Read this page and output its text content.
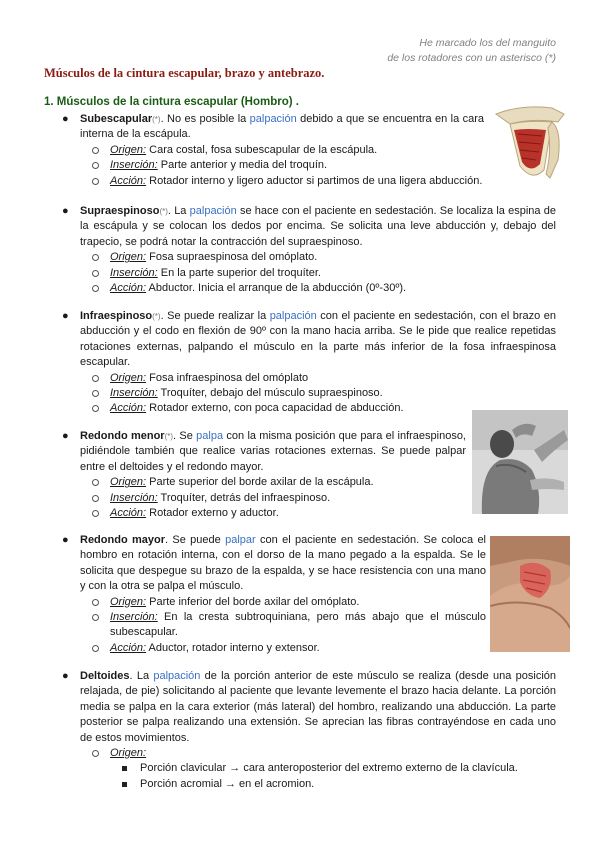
He marcado los del manguito
de los rotadores con un asterisco (*)
Músculos de la cintura escapular, brazo y antebrazo.
1. Músculos de la cintura escapular (Hombro) .
● Subescapular(*). No es posible la palpación debido a que se encuentra en la cara interna de la escápula.
Origen: Cara costal, fosa subescapular de la escápula.
Inserción: Parte anterior y media del troquín.
Acción: Rotador interno y ligero aductor si partimos de una ligera abducción.
● Supraespinoso(*). La palpación se hace con el paciente en sedestación. Se localiza la espina de la escápula y se colocan los dedos por encima. Se solicita una leve abducción y, debajo del trapecio, se podrá notar la contracción del supraespinoso.
Origen: Fosa supraespinosa del omóplato.
Inserción: En la parte superior del troquíter.
Acción: Abductor. Inicia el arranque de la abducción (0º-30º).
● Infraespinoso(*). Se puede realizar la palpación con el paciente en sedestación, con el brazo en abducción y el codo en flexión de 90º con la mano hacia arriba. Se le pide que realice repetidas rotaciones externas, palpando el músculo en la parte más inferior de la fosa infraespinosa escapular.
Origen: Fosa infraespinosa del omóplato
Inserción: Troquíter, debajo del músculo supraespinoso.
Acción: Rotador externo, con poca capacidad de abducción.
● Redondo menor(*). Se palpa con la misma posición que para el infraespinoso, pidiéndole también que realice varias rotaciones externas. Se puede palpar entre el deltoides y el redondo mayor.
Origen: Parte superior del borde axilar de la escápula.
Inserción: Troquíter, detrás del infraespinoso.
Acción: Rotador externo y aductor.
● Redondo mayor. Se puede palpar con el paciente en sedestación. Se coloca el hombro en rotación interna, con el dorso de la mano pegado a la espalda. Se le solicita que despegue su brazo de la espalda, y se hace resistencia con una mano y con la otra se palpa el músculo.
Origen: Parte inferior del borde axilar del omóplato.
Inserción: En la cresta subtroquiniana, pero más abajo que el músculo subescapular.
Acción: Aductor, rotador interno y extensor.
● Deltoides. La palpación de la porción anterior de este músculo se realiza (desde una posición relajada, de pie) solicitando al paciente que levante levemente el brazo hacia delante. La porción media se palpa en la cara exterior (más lateral) del hombro, realizando una abducción. La parte posterior se palpa realizando una extensión. Se aprecian las fibras contrayéndose en cada uno de estos movimientos.
Origen:
Porción clavicular → cara anteroposterior del extremo externo de la clavícula.
Porción acromial → en el acromion.
